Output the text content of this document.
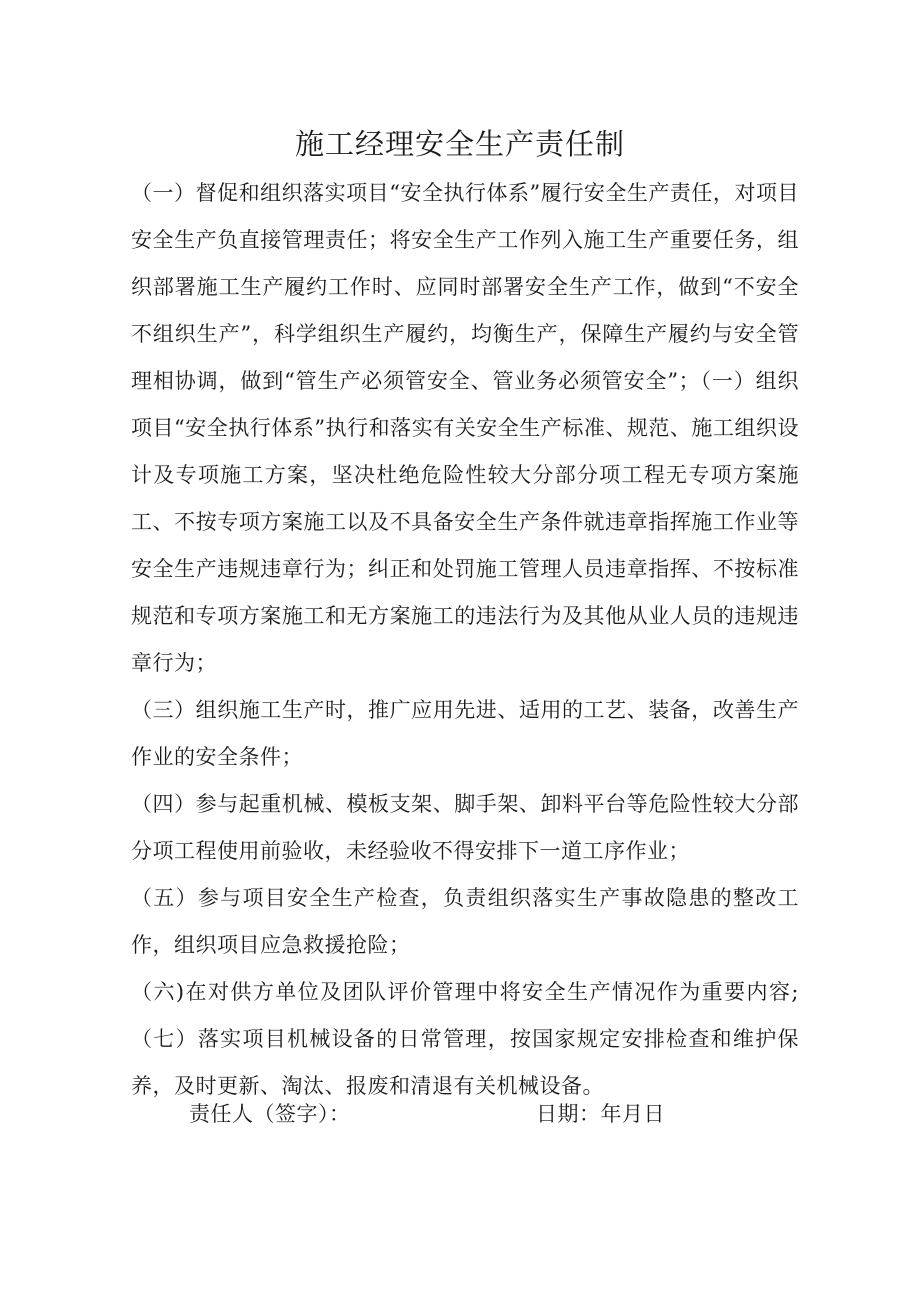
施工经理安全生产责任制

（一）督促和组织落实项目“安全执行体系”履行安全生产责任，对项目安全生产负直接管理责任；将安全生产工作列入施工生产重要任务，组织部署施工生产履约工作时、应同时部署安全生产工作，做到“不安全不组织生产”，科学组织生产履约，均衡生产，保障生产履约与安全管理相协调，做到“管生产必须管安全、管业务必须管安全”；（一）组织项目“安全执行体系”执行和落实有关安全生产标准、规范、施工组织设计及专项施工方案，坚决杜绝危险性较大分部分项工程无专项方案施工、不按专项方案施工以及不具备安全生产条件就违章指挥施工作业等安全生产违规违章行为；纠正和处罚施工管理人员违章指挥、不按标准规范和专项方案施工和无方案施工的违法行为及其他从业人员的违规违章行为；

（三）组织施工生产时，推广应用先进、适用的工艺、装备，改善生产作业的安全条件；

（四）参与起重机械、模板支架、脚手架、卸料平台等危险性较大分部分项工程使用前验收，未经验收不得安排下一道工序作业；

（五）参与项目安全生产检查，负责组织落实生产事故隐患的整改工作，组织项目应急救援抢险；

（六)在对供方单位及团队评价管理中将安全生产情况作为重要内容;（七）落实项目机械设备的日常管理，按国家规定安排检查和维护保养，及时更新、淘汰、报废和清退有关机械设备。

责任人（签字）：	日期：年月日
